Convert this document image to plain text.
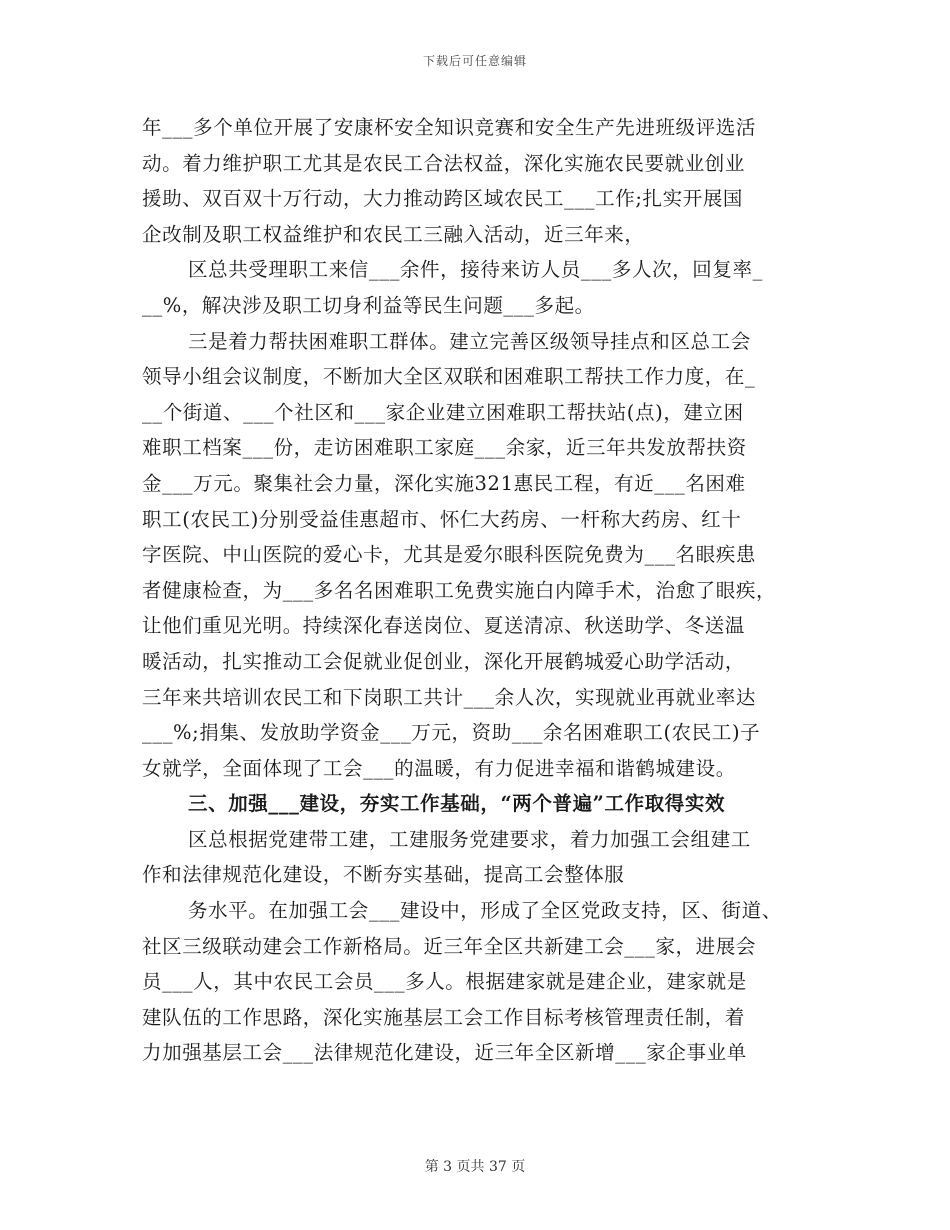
下载后可任意编辑
年___多个单位开展了安康杯安全知识竞赛和安全生产先进班级评选活
动。着力维护职工尤其是农民工合法权益，深化实施农民要就业创业
援助、双百双十万行动，大力推动跨区域农民工___工作;扎实开展国
企改制及职工权益维护和农民工三融入活动，近三年来，
区总共受理职工来信___余件，接待来访人员___多人次，回复率_
__%，解决涉及职工切身利益等民生问题___多起。
三是着力帮扶困难职工群体。建立完善区级领导挂点和区总工会
领导小组会议制度，不断加大全区双联和困难职工帮扶工作力度，在_
__个街道、___个社区和___家企业建立困难职工帮扶站(点)，建立困
难职工档案___份，走访困难职工家庭___余家，近三年共发放帮扶资
金___万元。聚集社会力量，深化实施321惠民工程，有近___名困难
职工(农民工)分别受益佳惠超市、怀仁大药房、一杆称大药房、红十
字医院、中山医院的爱心卡，尤其是爱尔眼科医院免费为___名眼疾患
者健康检查，为___多名名困难职工免费实施白内障手术，治愈了眼疾，
让他们重见光明。持续深化春送岗位、夏送清凉、秋送助学、冬送温
暖活动，扎实推动工会促就业促创业，深化开展鹤城爱心助学活动，
三年来共培训农民工和下岗职工共计___余人次，实现就业再就业率达
___%;捐集、发放助学资金___万元，资助___余名困难职工(农民工)子
女就学，全面体现了工会___的温暖，有力促进幸福和谐鹤城建设。
三、加强___建设，夯实工作基础，“两个普遍”工作取得实效
区总根据党建带工建，工建服务党建要求，着力加强工会组建工
作和法律规范化建设，不断夯实基础，提高工会整体服
务水平。在加强工会___建设中，形成了全区党政支持，区、街道、
社区三级联动建会工作新格局。近三年全区共新建工会___家，进展会
员___人，其中农民工会员___多人。根据建家就是建企业，建家就是
建队伍的工作思路，深化实施基层工会工作目标考核管理责任制，着
力加强基层工会___法律规范化建设，近三年全区新增___家企事业单
第 3 页共 37 页
